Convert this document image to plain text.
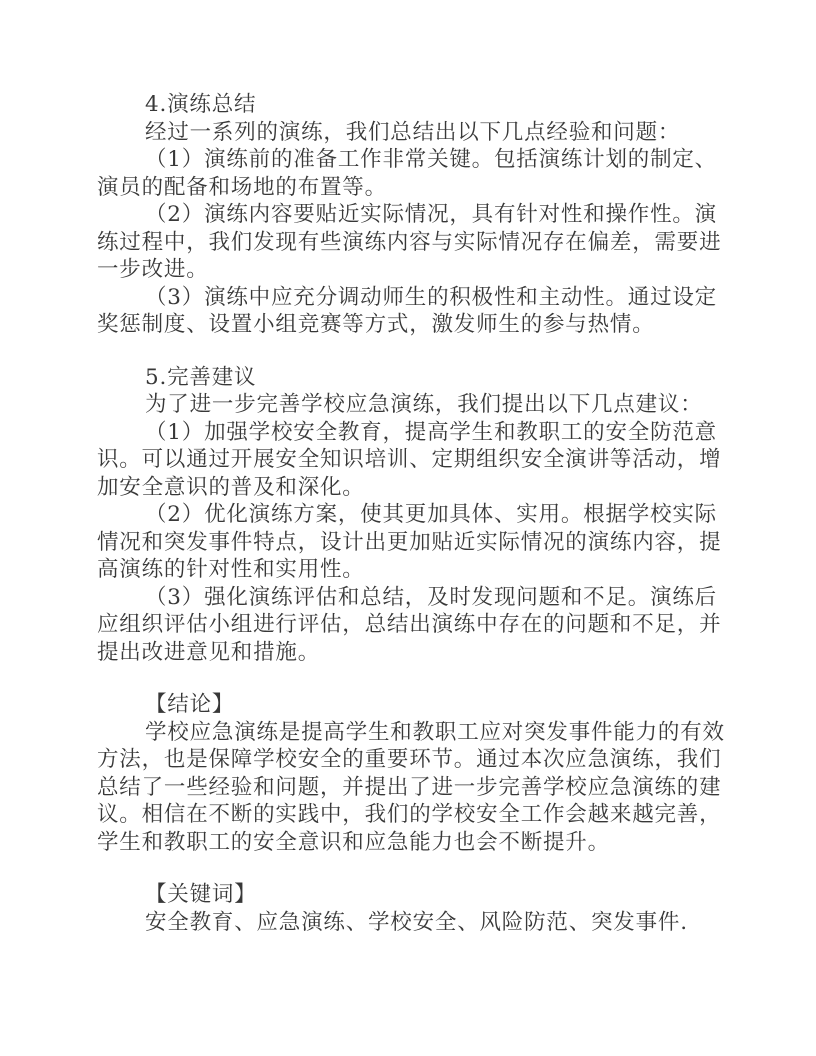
4.演练总结
经过一系列的演练，我们总结出以下几点经验和问题：
（1）演练前的准备工作非常关键。包括演练计划的制定、
演员的配备和场地的布置等。
（2）演练内容要贴近实际情况，具有针对性和操作性。演
练过程中，我们发现有些演练内容与实际情况存在偏差，需要进
一步改进。
（3）演练中应充分调动师生的积极性和主动性。通过设定
奖惩制度、设置小组竞赛等方式，激发师生的参与热情。
5.完善建议
为了进一步完善学校应急演练，我们提出以下几点建议：
（1）加强学校安全教育，提高学生和教职工的安全防范意
识。可以通过开展安全知识培训、定期组织安全演讲等活动，增
加安全意识的普及和深化。
（2）优化演练方案，使其更加具体、实用。根据学校实际
情况和突发事件特点，设计出更加贴近实际情况的演练内容，提
高演练的针对性和实用性。
（3）强化演练评估和总结，及时发现问题和不足。演练后
应组织评估小组进行评估，总结出演练中存在的问题和不足，并
提出改进意见和措施。
【结论】
学校应急演练是提高学生和教职工应对突发事件能力的有效
方法，也是保障学校安全的重要环节。通过本次应急演练，我们
总结了一些经验和问题，并提出了进一步完善学校应急演练的建
议。相信在不断的实践中，我们的学校安全工作会越来越完善，
学生和教职工的安全意识和应急能力也会不断提升。
【关键词】
安全教育、应急演练、学校安全、风险防范、突发事件.
